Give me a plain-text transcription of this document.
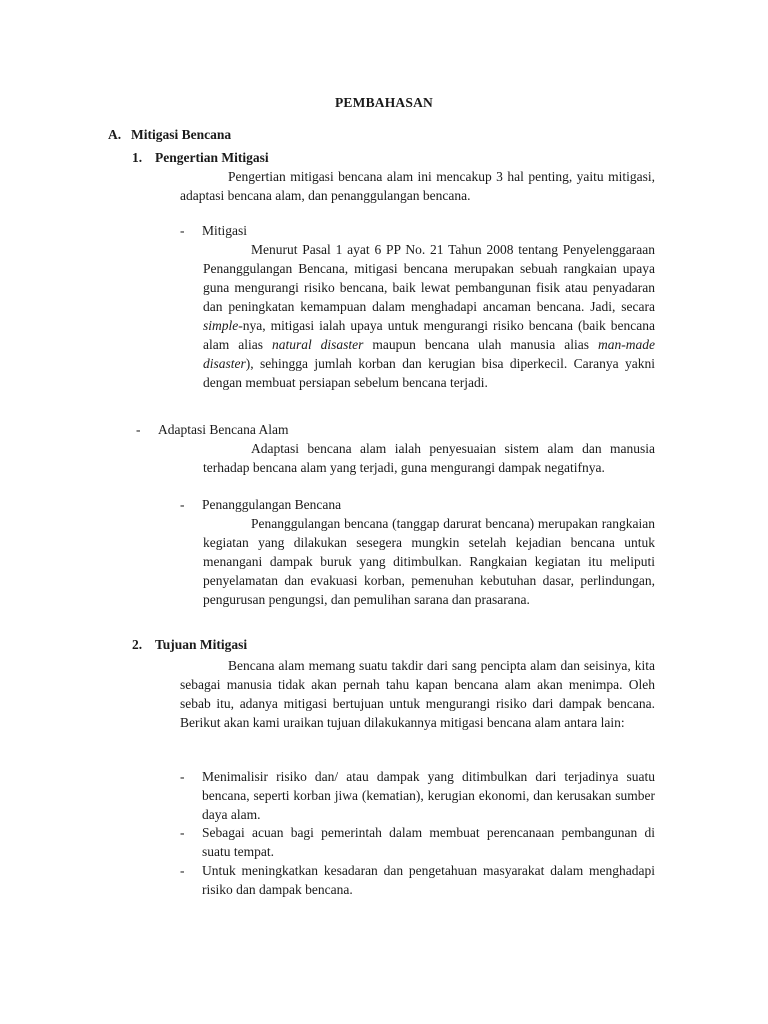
PEMBAHASAN
A. Mitigasi Bencana
1. Pengertian Mitigasi

Pengertian mitigasi bencana alam ini mencakup 3 hal penting, yaitu mitigasi, adaptasi bencana alam, dan penanggulangan bencana.

- Mitigasi

Menurut Pasal 1 ayat 6 PP No. 21 Tahun 2008 tentang Penyelenggaraan Penanggulangan Bencana, mitigasi bencana merupakan sebuah rangkaian upaya guna mengurangi risiko bencana, baik lewat pembangunan fisik atau penyadaran dan peningkatan kemampuan dalam menghadapi ancaman bencana. Jadi, secara simple-nya, mitigasi ialah upaya untuk mengurangi risiko bencana (baik bencana alam alias natural disaster maupun bencana ulah manusia alias man-made disaster), sehingga jumlah korban dan kerugian bisa diperkecil. Caranya yakni dengan membuat persiapan sebelum bencana terjadi.

- Adaptasi Bencana Alam

Adaptasi bencana alam ialah penyesuaian sistem alam dan manusia terhadap bencana alam yang terjadi, guna mengurangi dampak negatifnya.

- Penanggulangan Bencana

Penanggulangan bencana (tanggap darurat bencana) merupakan rangkaian kegiatan yang dilakukan sesegera mungkin setelah kejadian bencana untuk menangani dampak buruk yang ditimbulkan. Rangkaian kegiatan itu meliputi penyelamatan dan evakuasi korban, pemenuhan kebutuhan dasar, perlindungan, pengurusan pengungsi, dan pemulihan sarana dan prasarana.

2. Tujuan Mitigasi

Bencana alam memang suatu takdir dari sang pencipta alam dan seisinya, kita sebagai manusia tidak akan pernah tahu kapan bencana alam akan menimpa. Oleh sebab itu, adanya mitigasi bertujuan untuk mengurangi risiko dari dampak bencana. Berikut akan kami uraikan tujuan dilakukannya mitigasi bencana alam antara lain:

- Menimalisir risiko dan/ atau dampak yang ditimbulkan dari terjadinya suatu bencana, seperti korban jiwa (kematian), kerugian ekonomi, dan kerusakan sumber daya alam.
- Sebagai acuan bagi pemerintah dalam membuat perencanaan pembangunan di suatu tempat.
- Untuk meningkatkan kesadaran dan pengetahuan masyarakat dalam menghadapi risiko dan dampak bencana.
